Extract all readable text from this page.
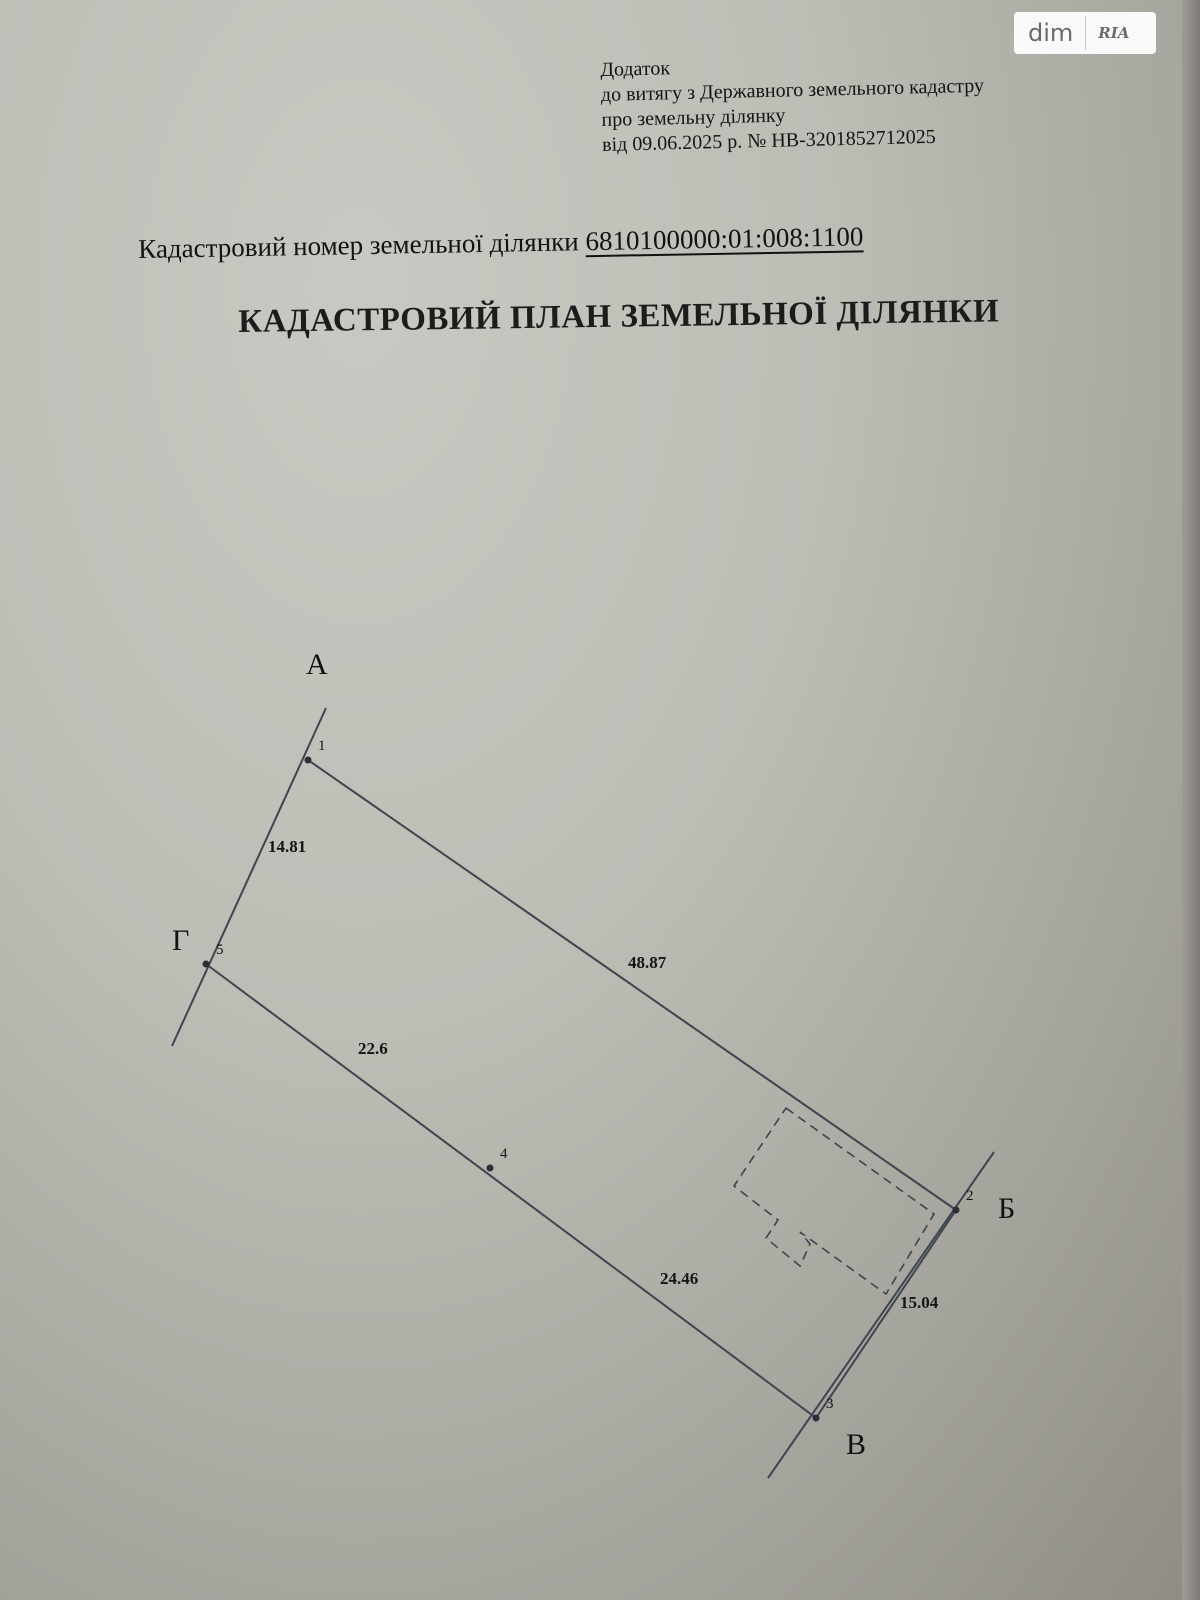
dim	RIA
Додаток
до витягу з Державного земельного кадастру
про земельну ділянку
від 09.06.2025 р. № НВ-3201852712025
Кадастровий номер земельної ділянки 6810100000:01:008:1100
КАДАСТРОВИЙ ПЛАН ЗЕМЕЛЬНОЇ ДІЛЯНКИ
1
2
3
4
5
А
Б
В
Г
48.87
15.04
24.46
22.6
14.81
